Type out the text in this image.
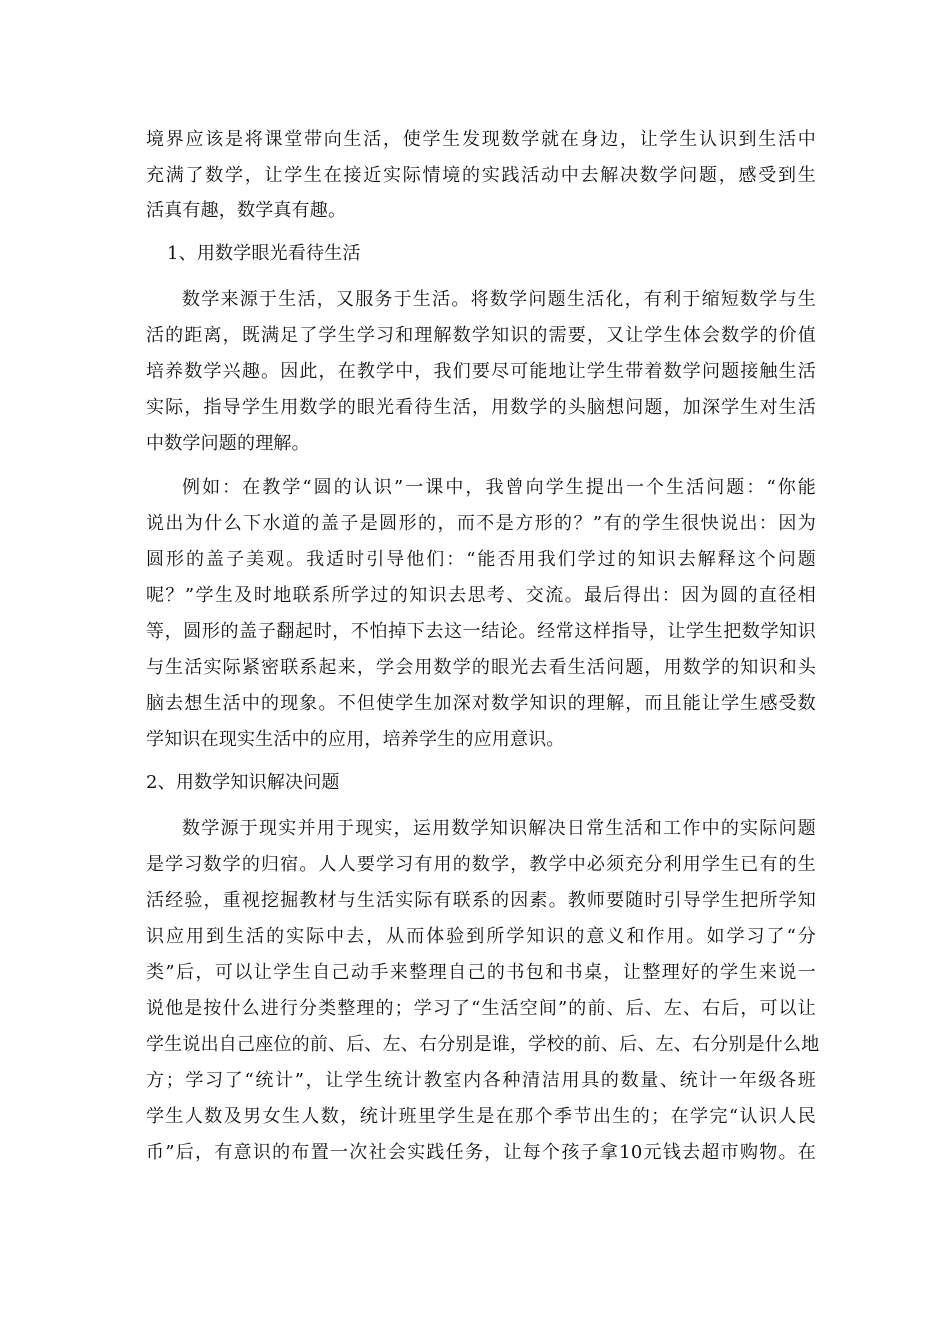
境界应该是将课堂带向生活，使学生发现数学就在身边，让学生认识到生活中
充满了数学，让学生在接近实际情境的实践活动中去解决数学问题，感受到生
活真有趣，数学真有趣。
1、用数学眼光看待生活
数学来源于生活，又服务于生活。将数学问题生活化，有利于缩短数学与生
活的距离，既满足了学生学习和理解数学知识的需要，又让学生体会数学的价值
培养数学兴趣。因此，在教学中，我们要尽可能地让学生带着数学问题接触生活
实际，指导学生用数学的眼光看待生活，用数学的头脑想问题，加深学生对生活
中数学问题的理解。
例如：在教学“圆的认识”一课中，我曾向学生提出一个生活问题：“你能
说出为什么下水道的盖子是圆形的，而不是方形的？”有的学生很快说出：因为
圆形的盖子美观。我适时引导他们：“能否用我们学过的知识去解释这个问题
呢？”学生及时地联系所学过的知识去思考、交流。最后得出：因为圆的直径相
等，圆形的盖子翻起时，不怕掉下去这一结论。经常这样指导，让学生把数学知识
与生活实际紧密联系起来，学会用数学的眼光去看生活问题，用数学的知识和头
脑去想生活中的现象。不但使学生加深对数学知识的理解，而且能让学生感受数
学知识在现实生活中的应用，培养学生的应用意识。
2、用数学知识解决问题
数学源于现实并用于现实，运用数学知识解决日常生活和工作中的实际问题
是学习数学的归宿。人人要学习有用的数学，教学中必须充分利用学生已有的生
活经验，重视挖掘教材与生活实际有联系的因素。教师要随时引导学生把所学知
识应用到生活的实际中去，从而体验到所学知识的意义和作用。如学习了“分
类”后，可以让学生自己动手来整理自己的书包和书桌，让整理好的学生来说一
说他是按什么进行分类整理的；学习了“生活空间”的前、后、左、右后，可以让
学生说出自己座位的前、后、左、右分别是谁，学校的前、后、左、右分别是什么地
方；学习了“统计”，让学生统计教室内各种清洁用具的数量、统计一年级各班
学生人数及男女生人数，统计班里学生是在那个季节出生的；在学完“认识人民
币”后，有意识的布置一次社会实践任务，让每个孩子拿10元钱去超市购物。在
